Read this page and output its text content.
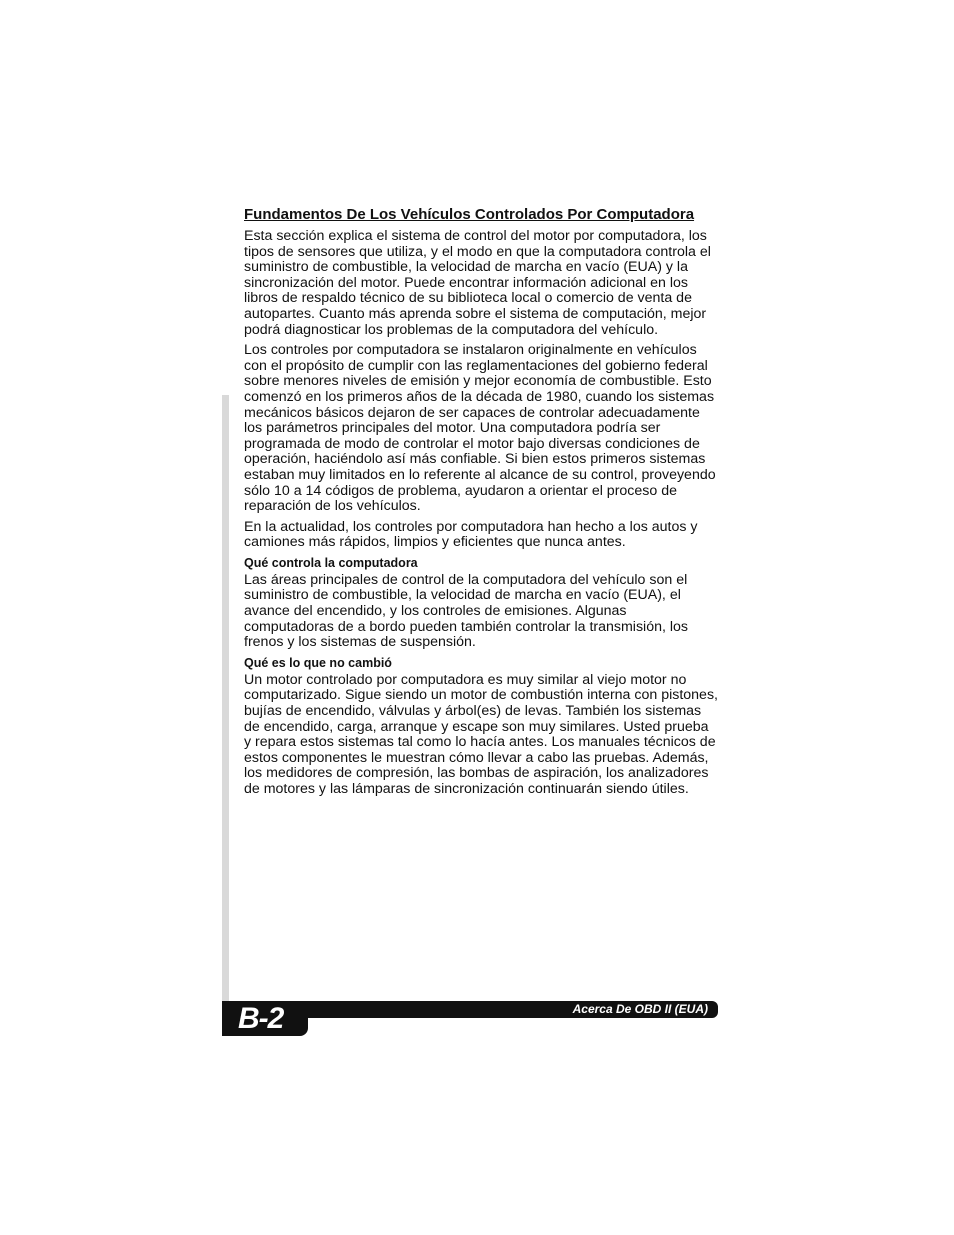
Fundamentos De Los Vehículos Controlados Por Computadora

Esta sección explica el sistema de control del motor por computadora, los tipos de sensores que utiliza, y el modo en que la computadora controla el suministro de combustible, la velocidad de marcha en vacío (EUA) y la sincronización del motor. Puede encontrar información adicional en los libros de respaldo técnico de su biblioteca local o comercio de venta de autopartes. Cuanto más aprenda sobre el sistema de computación, mejor podrá diagnosticar los problemas de la computadora del vehículo.

Los controles por computadora se instalaron originalmente en vehículos con el propósito de cumplir con las reglamentaciones del gobierno federal sobre menores niveles de emisión y mejor economía de combustible. Esto comenzó en los primeros años de la década de 1980, cuando los sistemas mecánicos básicos dejaron de ser capaces de controlar adecuadamente los parámetros principales del motor. Una computadora podría ser programada de modo de controlar el motor bajo diversas condiciones de operación, haciéndolo así más confiable. Si bien estos primeros sistemas estaban muy limitados en lo referente al alcance de su control, proveyendo sólo 10 a 14 códigos de problema, ayudaron a orientar el proceso de reparación de los vehículos.

En la actualidad, los controles por computadora han hecho a los autos y camiones más rápidos, limpios y eficientes que nunca antes.

Qué controla la computadora

Las áreas principales de control de la computadora del vehículo son el suministro de combustible, la velocidad de marcha en vacío (EUA), el avance del encendido, y los controles de emisiones. Algunas computadoras de a bordo pueden también controlar la transmisión, los frenos y los sistemas de suspensión.

Qué es lo que no cambió

Un motor controlado por computadora es muy similar al viejo motor no computarizado. Sigue siendo un motor de combustión interna con pistones, bujías de encendido, válvulas y árbol(es) de levas. También los sistemas de encendido, carga, arranque y escape son muy similares. Usted prueba y repara estos sistemas tal como lo hacía antes. Los manuales técnicos de estos componentes le muestran cómo llevar a cabo las pruebas. Además, los medidores de compresión, las bombas de aspiración, los analizadores de motores y las lámparas de sincronización continuarán siendo útiles.

Acerca De OBD II (EUA)
B-2
